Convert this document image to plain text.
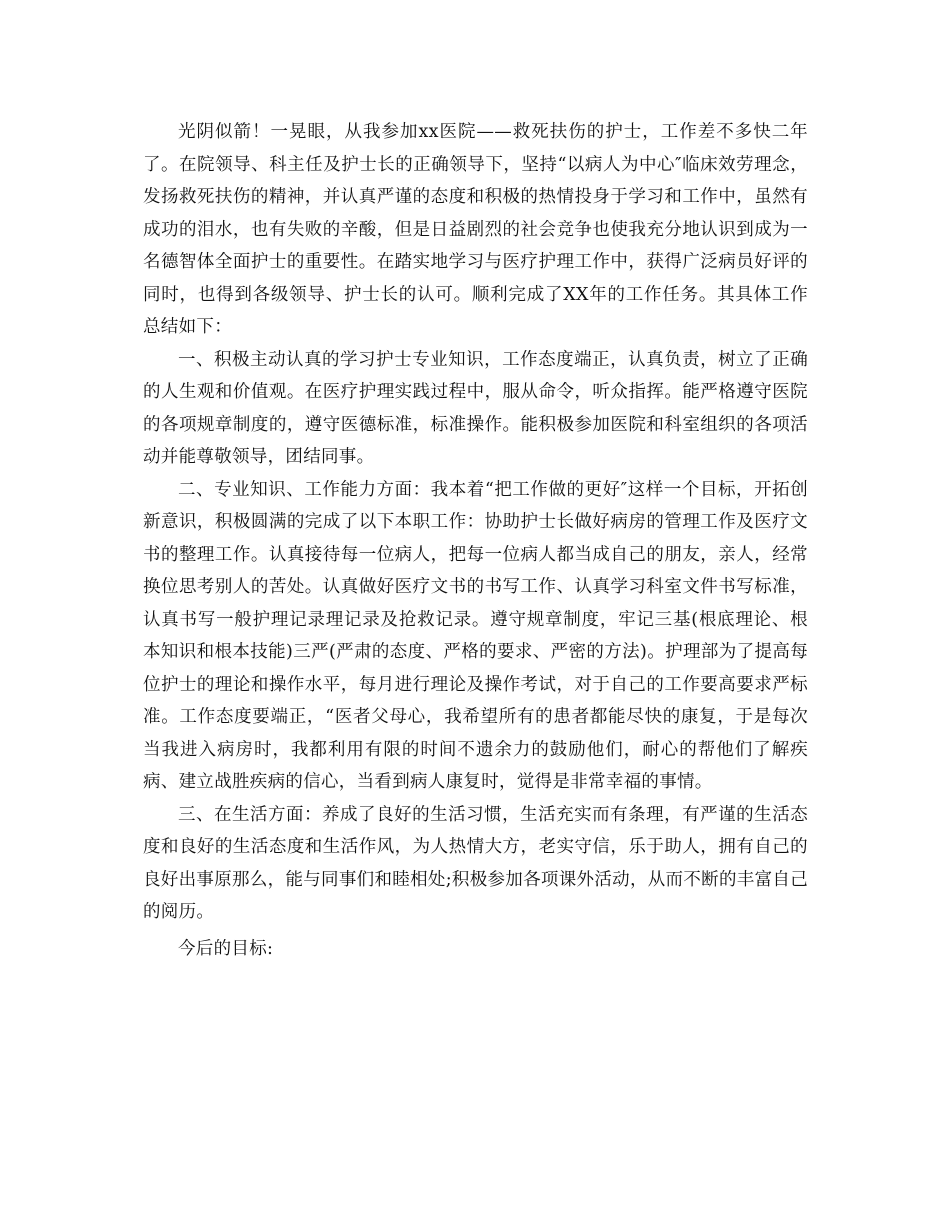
光阴似箭！一晃眼，从我参加xx医院——救死扶伤的护士，工作差不多快二年了。在院领导、科主任及护士长的正确领导下，坚持“以病人为中心″临床效劳理念，发扬救死扶伤的精神，并认真严谨的态度和积极的热情投身于学习和工作中，虽然有成功的泪水，也有失败的辛酸，但是日益剧烈的社会竞争也使我充分地认识到成为一名德智体全面护士的重要性。在踏实地学习与医疗护理工作中，获得广泛病员好评的同时，也得到各级领导、护士长的认可。顺利完成了XX年的工作任务。其具体工作总结如下：

一、积极主动认真的学习护士专业知识，工作态度端正，认真负责，树立了正确的人生观和价值观。在医疗护理实践过程中，服从命令，听众指挥。能严格遵守医院的各项规章制度的，遵守医德标准，标准操作。能积极参加医院和科室组织的各项活动并能尊敬领导，团结同事。

二、专业知识、工作能力方面：我本着“把工作做的更好″这样一个目标，开拓创新意识，积极圆满的完成了以下本职工作：协助护士长做好病房的管理工作及医疗文书的整理工作。认真接待每一位病人，把每一位病人都当成自己的朋友，亲人，经常换位思考别人的苦处。认真做好医疗文书的书写工作、认真学习科室文件书写标准，认真书写一般护理记录理记录及抢救记录。遵守规章制度，牢记三基(根底理论、根本知识和根本技能)三严(严肃的态度、严格的要求、严密的方法)。护理部为了提高每位护士的理论和操作水平，每月进行理论及操作考试，对于自己的工作要高要求严标准。工作态度要端正，“医者父母心，我希望所有的患者都能尽快的康复，于是每次当我进入病房时，我都利用有限的时间不遗余力的鼓励他们，耐心的帮他们了解疾病、建立战胜疾病的信心，当看到病人康复时，觉得是非常幸福的事情。

三、在生活方面：养成了良好的生活习惯，生活充实而有条理，有严谨的生活态度和良好的生活态度和生活作风，为人热情大方，老实守信，乐于助人，拥有自己的良好出事原那么，能与同事们和睦相处;积极参加各项课外活动，从而不断的丰富自己的阅历。

今后的目标:
